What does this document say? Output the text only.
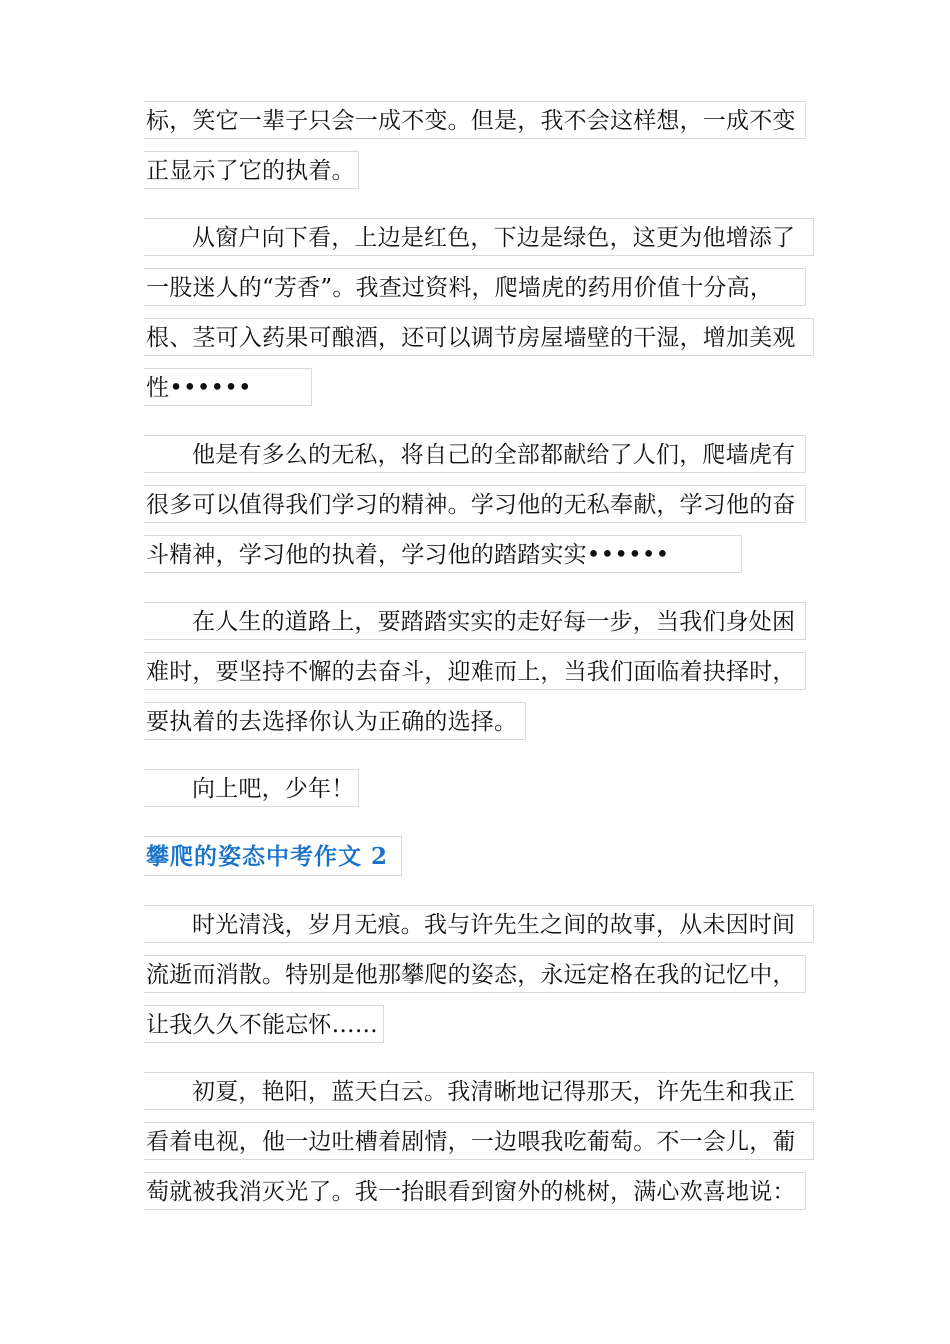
标，笑它一辈子只会一成不变。但是，我不会这样想，一成不变
正显示了它的执着。
从窗户向下看，上边是红色，下边是绿色，这更为他增添了
一股迷人的“芳香”。我查过资料，爬墙虎的药用价值十分高，
根、茎可入药果可酿酒，还可以调节房屋墙壁的干湿，增加美观
性••••••
他是有多么的无私，将自己的全部都献给了人们，爬墙虎有
很多可以值得我们学习的精神。学习他的无私奉献，学习他的奋
斗精神，学习他的执着，学习他的踏踏实实••••••
在人生的道路上，要踏踏实实的走好每一步，当我们身处困
难时，要坚持不懈的去奋斗，迎难而上，当我们面临着抉择时，
要执着的去选择你认为正确的选择。
向上吧，少年！
攀爬的姿态中考作文 2
时光清浅，岁月无痕。我与许先生之间的故事，从未因时间
流逝而消散。特别是他那攀爬的姿态，永远定格在我的记忆中，
让我久久不能忘怀……
初夏，艳阳，蓝天白云。我清晰地记得那天，许先生和我正
看着电视，他一边吐槽着剧情，一边喂我吃葡萄。不一会儿，葡
萄就被我消灭光了。我一抬眼看到窗外的桃树，满心欢喜地说：
